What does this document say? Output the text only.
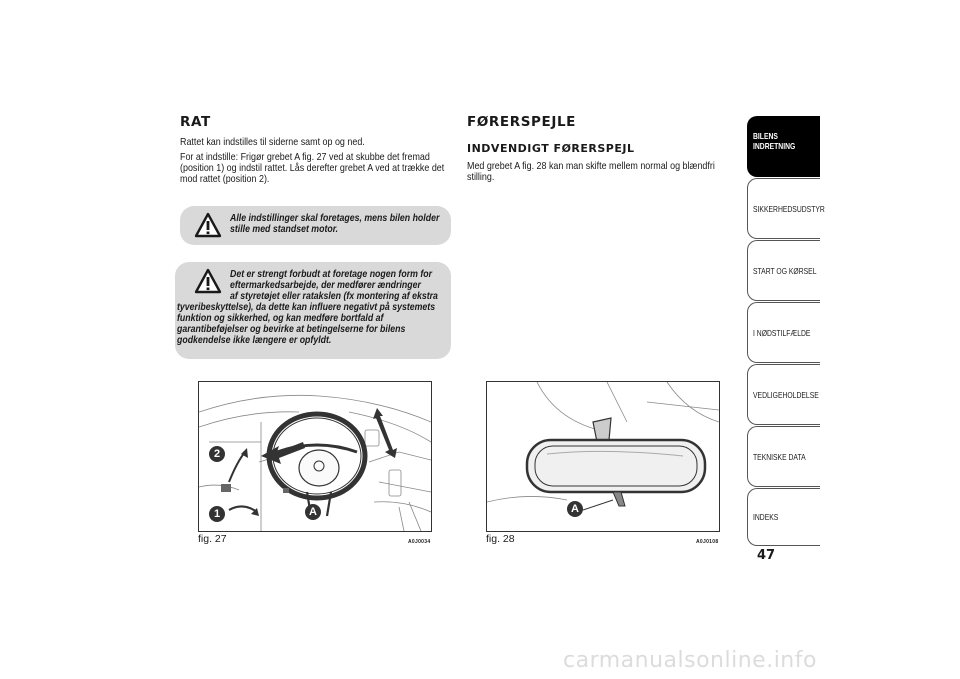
RAT
Rattet kan indstilles til siderne samt op og ned.
For at indstille: Frigør grebet A fig. 27 ved at skubbe det fremad
(position 1) og indstil rattet. Lås derefter grebet A ved at trække det
mod rattet (position 2).
Alle indstillinger skal foretages, mens bilen holder
stille med standset motor.
Det er strengt forbudt at foretage nogen form for
eftermarkedsarbejde, der medfører ændringer
af styretøjet eller ratakslen (fx montering af ekstra
tyveribeskyttelse), da dette kan influere negativt på systemets
funktion og sikkerhed, og kan medføre bortfald af
garantibeføjelser og bevirke at betingelserne for bilens
godkendelse ikke længere er opfyldt.
2
1	A
fig. 27	A0J0034
FØRERSPEJLE
INDVENDIGT FØRERSPEJL
Med grebet A fig. 28 kan man skifte mellem normal og blændfri
stilling.
A
fig. 28	A0J0108
BILENS INDRETNING
SIKKERHEDSUDSTYR
START OG KØRSEL
I NØDSTILFÆLDE
VEDLIGEHOLDELSE
TEKNISKE DATA
INDEKS
47
carmanualsonline.info
